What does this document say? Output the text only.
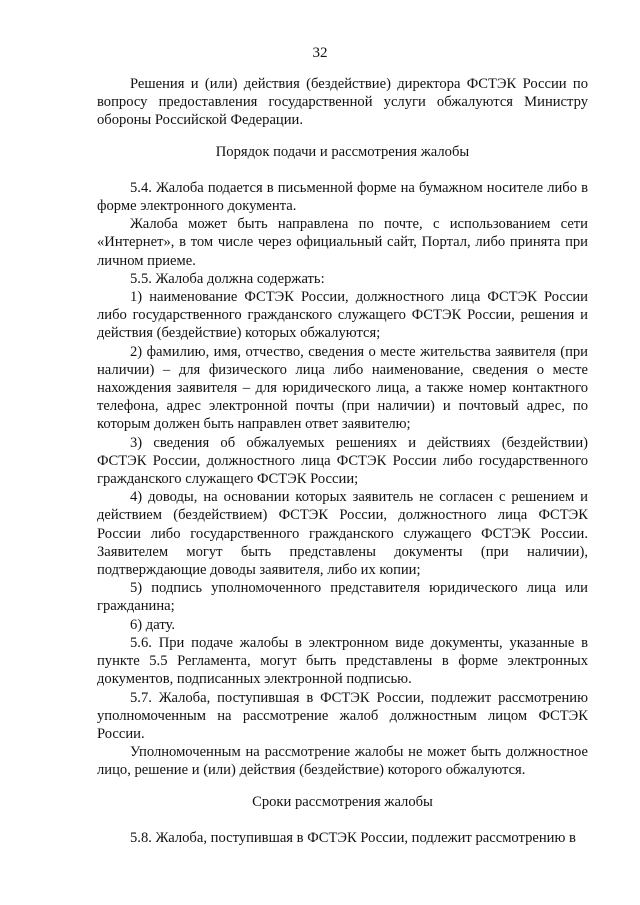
32

Решения и (или) действия (бездействие) директора ФСТЭК России по вопросу предоставления государственной услуги обжалуются Министру обороны Российской Федерации.

Порядок подачи и рассмотрения жалобы

5.4. Жалоба подается в письменной форме на бумажном носителе либо в форме электронного документа.

Жалоба может быть направлена по почте, с использованием сети «Интернет», в том числе через официальный сайт, Портал, либо принята при личном приеме.

5.5. Жалоба должна содержать:

1) наименование ФСТЭК России, должностного лица ФСТЭК России либо государственного гражданского служащего ФСТЭК России, решения и действия (бездействие) которых обжалуются;

2) фамилию, имя, отчество, сведения о месте жительства заявителя (при наличии) – для физического лица либо наименование, сведения о месте нахождения заявителя – для юридического лица, а также номер контактного телефона, адрес электронной почты (при наличии) и почтовый адрес, по которым должен быть направлен ответ заявителю;

3) сведения об обжалуемых решениях и действиях (бездействии) ФСТЭК России, должностного лица ФСТЭК России либо государственного гражданского служащего ФСТЭК России;

4) доводы, на основании которых заявитель не согласен с решением и действием (бездействием) ФСТЭК России, должностного лица ФСТЭК России либо государственного гражданского служащего ФСТЭК России. Заявителем могут быть представлены документы (при наличии), подтверждающие доводы заявителя, либо их копии;

5) подпись уполномоченного представителя юридического лица или гражданина;

6) дату.

5.6. При подаче жалобы в электронном виде документы, указанные в пункте 5.5 Регламента, могут быть представлены в форме электронных документов, подписанных электронной подписью.

5.7. Жалоба, поступившая в ФСТЭК России, подлежит рассмотрению уполномоченным на рассмотрение жалоб должностным лицом ФСТЭК России.

Уполномоченным на рассмотрение жалобы не может быть должностное лицо, решение и (или) действия (бездействие) которого обжалуются.

Сроки рассмотрения жалобы

5.8. Жалоба, поступившая в ФСТЭК России, подлежит рассмотрению в
